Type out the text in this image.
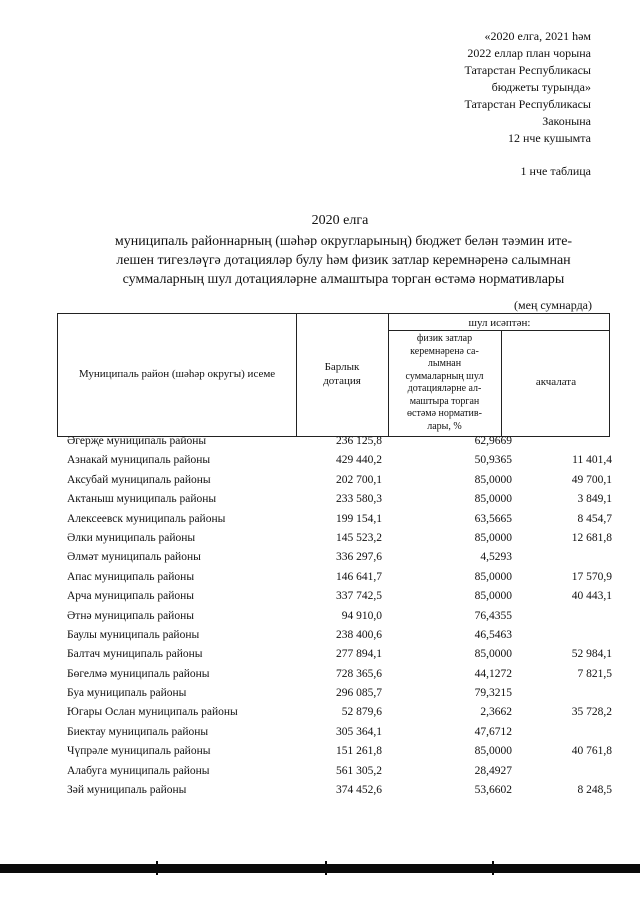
«2020 елга, 2021 һәм
2022 еллар план чорына
Татарстан Республикасы
бюджеты турында»
Татарстан Республикасы
Законына
12 нче кушымта
1 нче таблица
2020 елга
муниципаль районнарның (шәһәр округларының) бюджет белән тәэмин ите-
лешен тигезләүгә дотацияләр булу һәм физик затлар керемнәренә салымнан
суммаларның шул дотацияләрне алмаштыра торган өстәмә нормативлары
(мең сумнарда)
Муниципаль район (шәһәр округы) исеме
Барлык
дотация
шул исәптән:
физик затлар
керемнәренә са-
лымнан
суммаларның шул
дотацияләрне ал-
маштыра торган
өстәмә норматив-
лары, %
акчалата
Әгерҗе муниципаль районы	236 125,8	62,9669
Азнакай муниципаль районы	429 440,2	50,9365	11 401,4
Аксубай муниципаль районы	202 700,1	85,0000	49 700,1
Актаныш муниципаль районы	233 580,3	85,0000	3 849,1
Алексеевск муниципаль районы	199 154,1	63,5665	8 454,7
Әлки муниципаль районы	145 523,2	85,0000	12 681,8
Әлмәт муниципаль районы	336 297,6	4,5293
Апас муниципаль районы	146 641,7	85,0000	17 570,9
Арча муниципаль районы	337 742,5	85,0000	40 443,1
Әтнә муниципаль районы	94 910,0	76,4355
Баулы муниципаль районы	238 400,6	46,5463
Балтач муниципаль районы	277 894,1	85,0000	52 984,1
Бөгелмә муниципаль районы	728 365,6	44,1272	7 821,5
Буа муниципаль районы	296 085,7	79,3215
Югары Ослан муниципаль районы	52 879,6	2,3662	35 728,2
Биектау муниципаль районы	305 364,1	47,6712
Чүпрәле муниципаль районы	151 261,8	85,0000	40 761,8
Алабуга муниципаль районы	561 305,2	28,4927
Зәй муниципаль районы	374 452,6	53,6602	8 248,5
